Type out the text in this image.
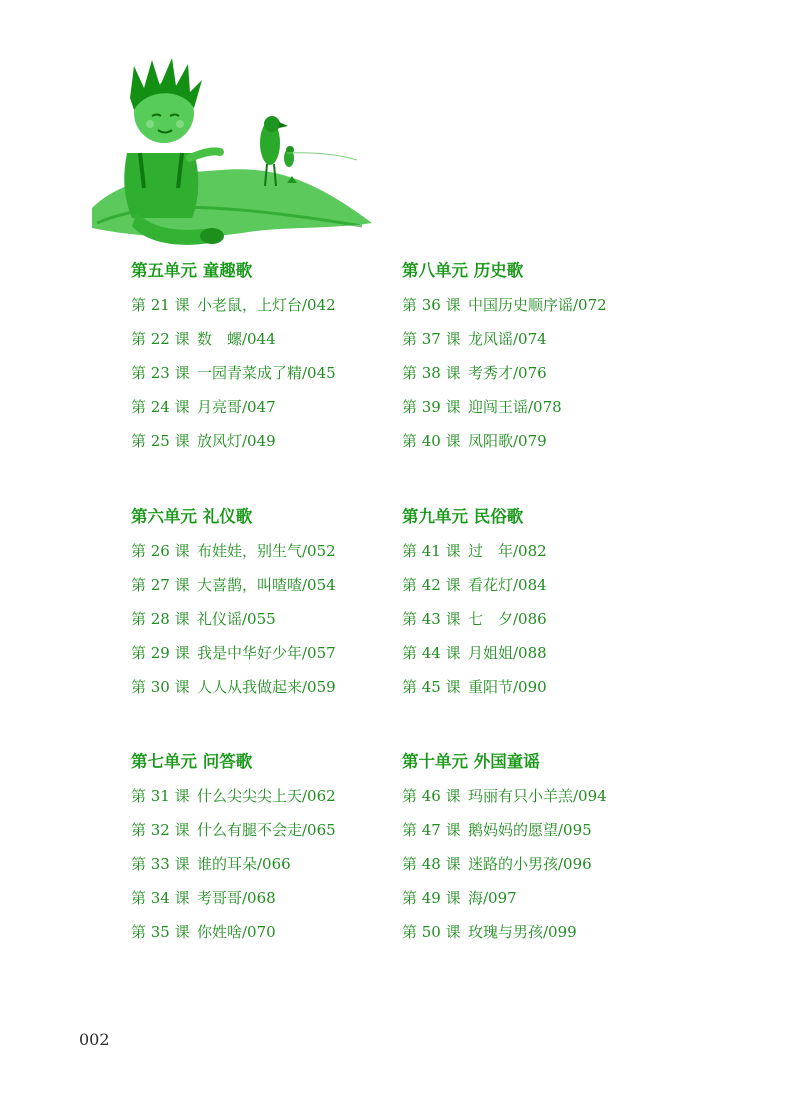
第五单元 童趣歌
第 21 课 小老鼠，上灯台/042
第 22 课 数　螺/044
第 23 课 一园青菜成了精/045
第 24 课 月亮哥/047
第 25 课 放风灯/049
第八单元 历史歌
第 36 课 中国历史顺序谣/072
第 37 课 龙风谣/074
第 38 课 考秀才/076
第 39 课 迎闯王谣/078
第 40 课 凤阳歌/079
第六单元 礼仪歌
第 26 课 布娃娃，别生气/052
第 27 课 大喜鹊，叫喳喳/054
第 28 课 礼仪谣/055
第 29 课 我是中华好少年/057
第 30 课 人人从我做起来/059
第九单元 民俗歌
第 41 课 过　年/082
第 42 课 看花灯/084
第 43 课 七　夕/086
第 44 课 月姐姐/088
第 45 课 重阳节/090
第七单元 问答歌
第 31 课 什么尖尖尖上天/062
第 32 课 什么有腿不会走/065
第 33 课 谁的耳朵/066
第 34 课 考哥哥/068
第 35 课 你姓啥/070
第十单元 外国童谣
第 46 课 玛丽有只小羊羔/094
第 47 课 鹅妈妈的愿望/095
第 48 课 迷路的小男孩/096
第 49 课 海/097
第 50 课 玫瑰与男孩/099
002
